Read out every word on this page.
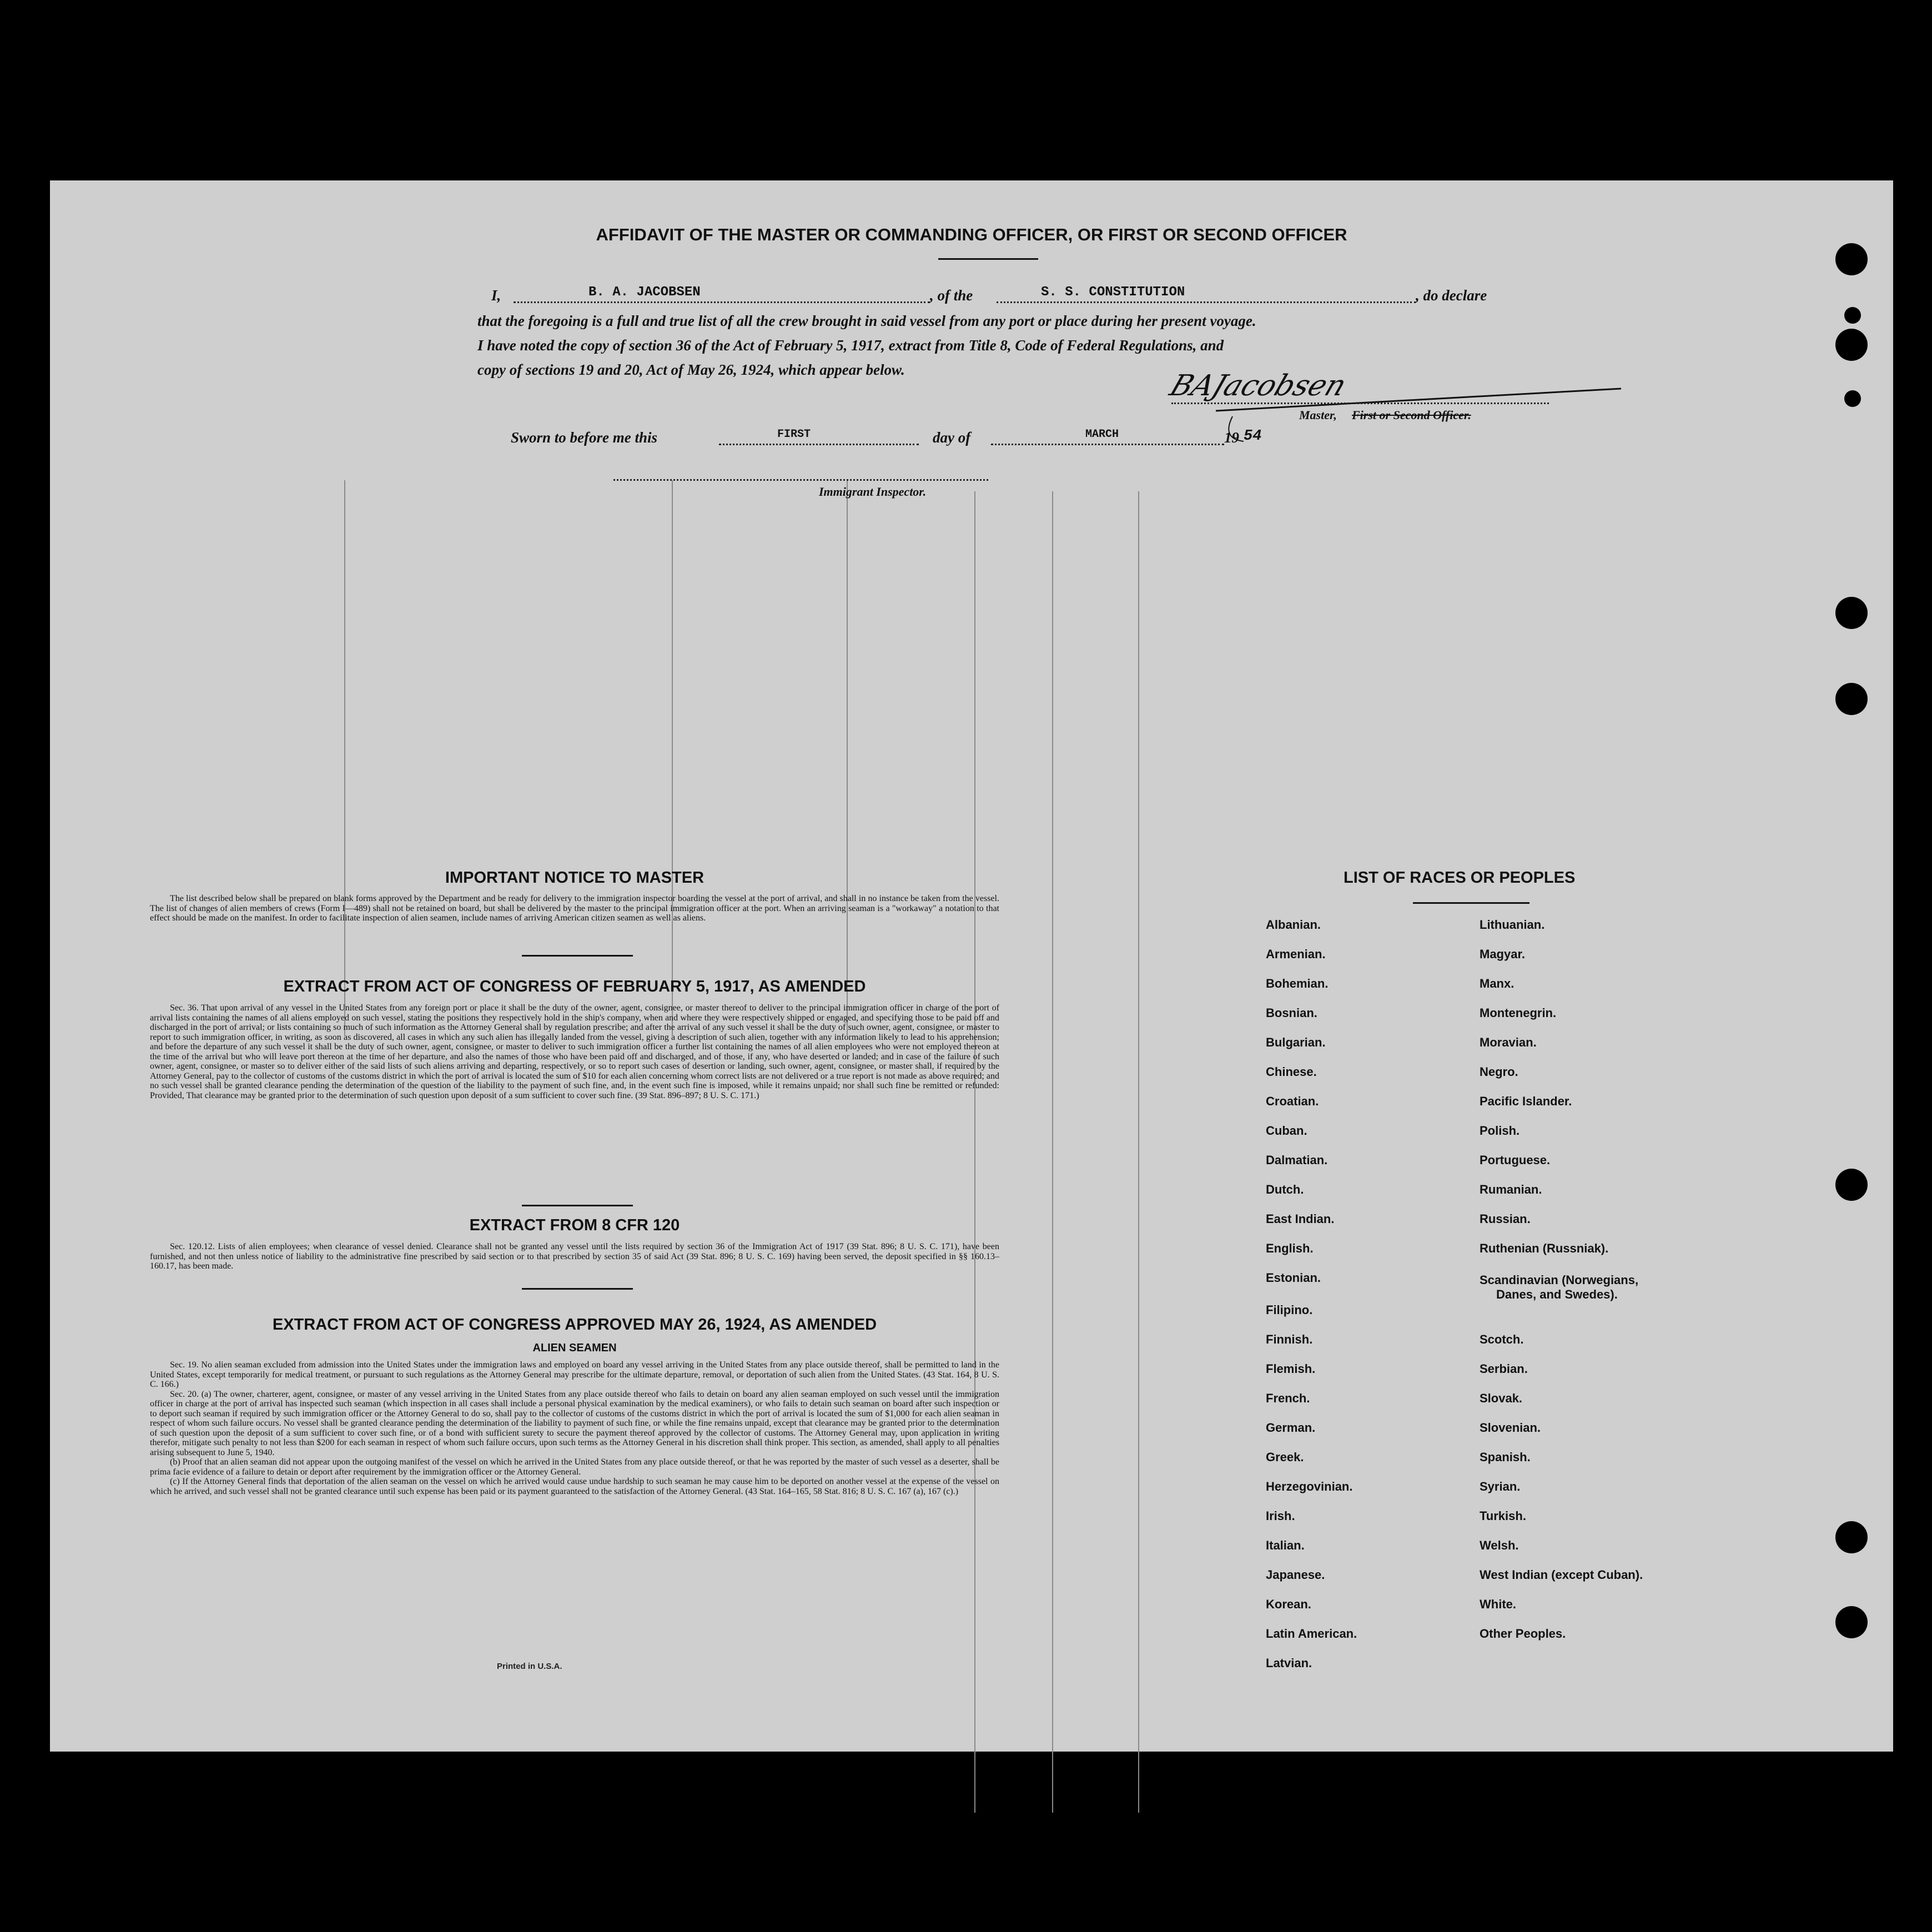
AFFIDAVIT OF THE MASTER OR COMMANDING OFFICER, OR FIRST OR SECOND OFFICER
I,	B. A. JACOBSEN	, of the	S. S. CONSTITUTION	, do declare
that the foregoing is a full and true list of all the crew brought in said vessel from any port or place during her present voyage.
I have noted the copy of section 36 of the Act of February 5, 1917, extract from Title 8, Code of Federal Regulations, and
copy of sections 19 and 20, Act of May 26, 1924, which appear below.	BAJacobsen
Master, First or Second Officer.
Sworn to before me this	FIRST	day of	MARCH	19 54
Immigrant Inspector.
IMPORTANT NOTICE TO MASTER

The list described below shall be prepared on blank forms approved by the Department and be ready for delivery to the immigration inspector boarding the vessel at the port of arrival, and shall in no instance be taken from the vessel. The list of changes of alien members of crews (Form I—489) shall not be retained on board, but shall be delivered by the master to the principal immigration officer at the port. When an arriving seaman is a "workaway" a notation to that effect should be made on the manifest. In order to facilitate inspection of alien seamen, include names of arriving American citizen seamen as well as aliens.

EXTRACT FROM ACT OF CONGRESS OF FEBRUARY 5, 1917, AS AMENDED

Sec. 36. That upon arrival of any vessel in the United States from any foreign port or place it shall be the duty of the owner, agent, consignee, or master thereof to deliver to the principal immigration officer in charge of the port of arrival lists containing the names of all aliens employed on such vessel, stating the positions they respectively hold in the ship's company, when and where they were respectively shipped or engaged, and specifying those to be paid off and discharged in the port of arrival; or lists containing so much of such information as the Attorney General shall by regulation prescribe; and after the arrival of any such vessel it shall be the duty of such owner, agent, consignee, or master to report to such immigration officer, in writing, as soon as discovered, all cases in which any such alien has illegally landed from the vessel, giving a description of such alien, together with any information likely to lead to his apprehension; and before the departure of any such vessel it shall be the duty of such owner, agent, consignee, or master to deliver to such immigration officer a further list containing the names of all alien employees who were not employed thereon at the time of the arrival but who will leave port thereon at the time of her departure, and also the names of those who have been paid off and discharged, and of those, if any, who have deserted or landed; and in case of the failure of such owner, agent, consignee, or master so to deliver either of the said lists of such aliens arriving and departing, respectively, or so to report such cases of desertion or landing, such owner, agent, consignee, or master shall, if required by the Attorney General, pay to the collector of customs of the customs district in which the port of arrival is located the sum of $10 for each alien concerning whom correct lists are not delivered or a true report is not made as above required; and no such vessel shall be granted clearance pending the determination of the question of the liability to the payment of such fine, and, in the event such fine is imposed, while it remains unpaid; nor shall such fine be remitted or refunded: Provided, That clearance may be granted prior to the determination of such question upon deposit of a sum sufficient to cover such fine. (39 Stat. 896–897; 8 U. S. C. 171.)

EXTRACT FROM 8 CFR 120

Sec. 120.12. Lists of alien employees; when clearance of vessel denied. Clearance shall not be granted any vessel until the lists required by section 36 of the Immigration Act of 1917 (39 Stat. 896; 8 U. S. C. 171), have been furnished, and not then unless notice of liability to the administrative fine prescribed by said section or to that prescribed by section 35 of said Act (39 Stat. 896; 8 U. S. C. 169) having been served, the deposit specified in §§ 160.13–160.17, has been made.

EXTRACT FROM ACT OF CONGRESS APPROVED MAY 26, 1924, AS AMENDED
ALIEN SEAMEN

Sec. 19. No alien seaman excluded from admission into the United States under the immigration laws and employed on board any vessel arriving in the United States from any place outside thereof, shall be permitted to land in the United States, except temporarily for medical treatment, or pursuant to such regulations as the Attorney General may prescribe for the ultimate departure, removal, or deportation of such alien from the United States. (43 Stat. 164, 8 U. S. C. 166.)

Sec. 20. (a) The owner, charterer, agent, consignee, or master of any vessel arriving in the United States from any place outside thereof who fails to detain on board any alien seaman employed on such vessel until the immigration officer in charge at the port of arrival has inspected such seaman (which inspection in all cases shall include a personal physical examination by the medical examiners), or who fails to detain such seaman on board after such inspection or to deport such seaman if required by such immigration officer or the Attorney General to do so, shall pay to the collector of customs of the customs district in which the port of arrival is located the sum of $1,000 for each alien seaman in respect of whom such failure occurs. No vessel shall be granted clearance pending the determination of the liability to payment of such fine, or while the fine remains unpaid, except that clearance may be granted prior to the determination of such question upon the deposit of a sum sufficient to cover such fine, or of a bond with sufficient surety to secure the payment thereof approved by the collector of customs. The Attorney General may, upon application in writing therefor, mitigate such penalty to not less than $200 for each seaman in respect of whom such failure occurs, upon such terms as the Attorney General in his discretion shall think proper. This section, as amended, shall apply to all penalties arising subsequent to June 5, 1940.

(b) Proof that an alien seaman did not appear upon the outgoing manifest of the vessel on which he arrived in the United States from any place outside thereof, or that he was reported by the master of such vessel as a deserter, shall be prima facie evidence of a failure to detain or deport after requirement by the immigration officer or the Attorney General.

(c) If the Attorney General finds that deportation of the alien seaman on the vessel on which he arrived would cause undue hardship to such seaman he may cause him to be deported on another vessel at the expense of the vessel on which he arrived, and such vessel shall not be granted clearance until such expense has been paid or its payment guaranteed to the satisfaction of the Attorney General. (43 Stat. 164–165, 58 Stat. 816; 8 U. S. C. 167 (a), 167 (c).)

Printed in U.S.A.
LIST OF RACES OR PEOPLES
Albanian.
Armenian.
Bohemian.
Bosnian.
Bulgarian.
Chinese.
Croatian.
Cuban.
Dalmatian.
Dutch.
East Indian.
English.
Estonian.
Filipino.
Finnish.
Flemish.
French.
German.
Greek.
Herzegovinian.
Irish.
Italian.
Japanese.
Korean.
Latin American.
Latvian.
Lithuanian.
Magyar.
Manx.
Montenegrin.
Moravian.
Negro.
Pacific Islander.
Polish.
Portuguese.
Rumanian.
Russian.
Ruthenian (Russniak).
Scandinavian (Norwegians,
Danes, and Swedes).
Scotch.
Serbian.
Slovak.
Slovenian.
Spanish.
Syrian.
Turkish.
Welsh.
West Indian (except Cuban).
White.
Other Peoples.
